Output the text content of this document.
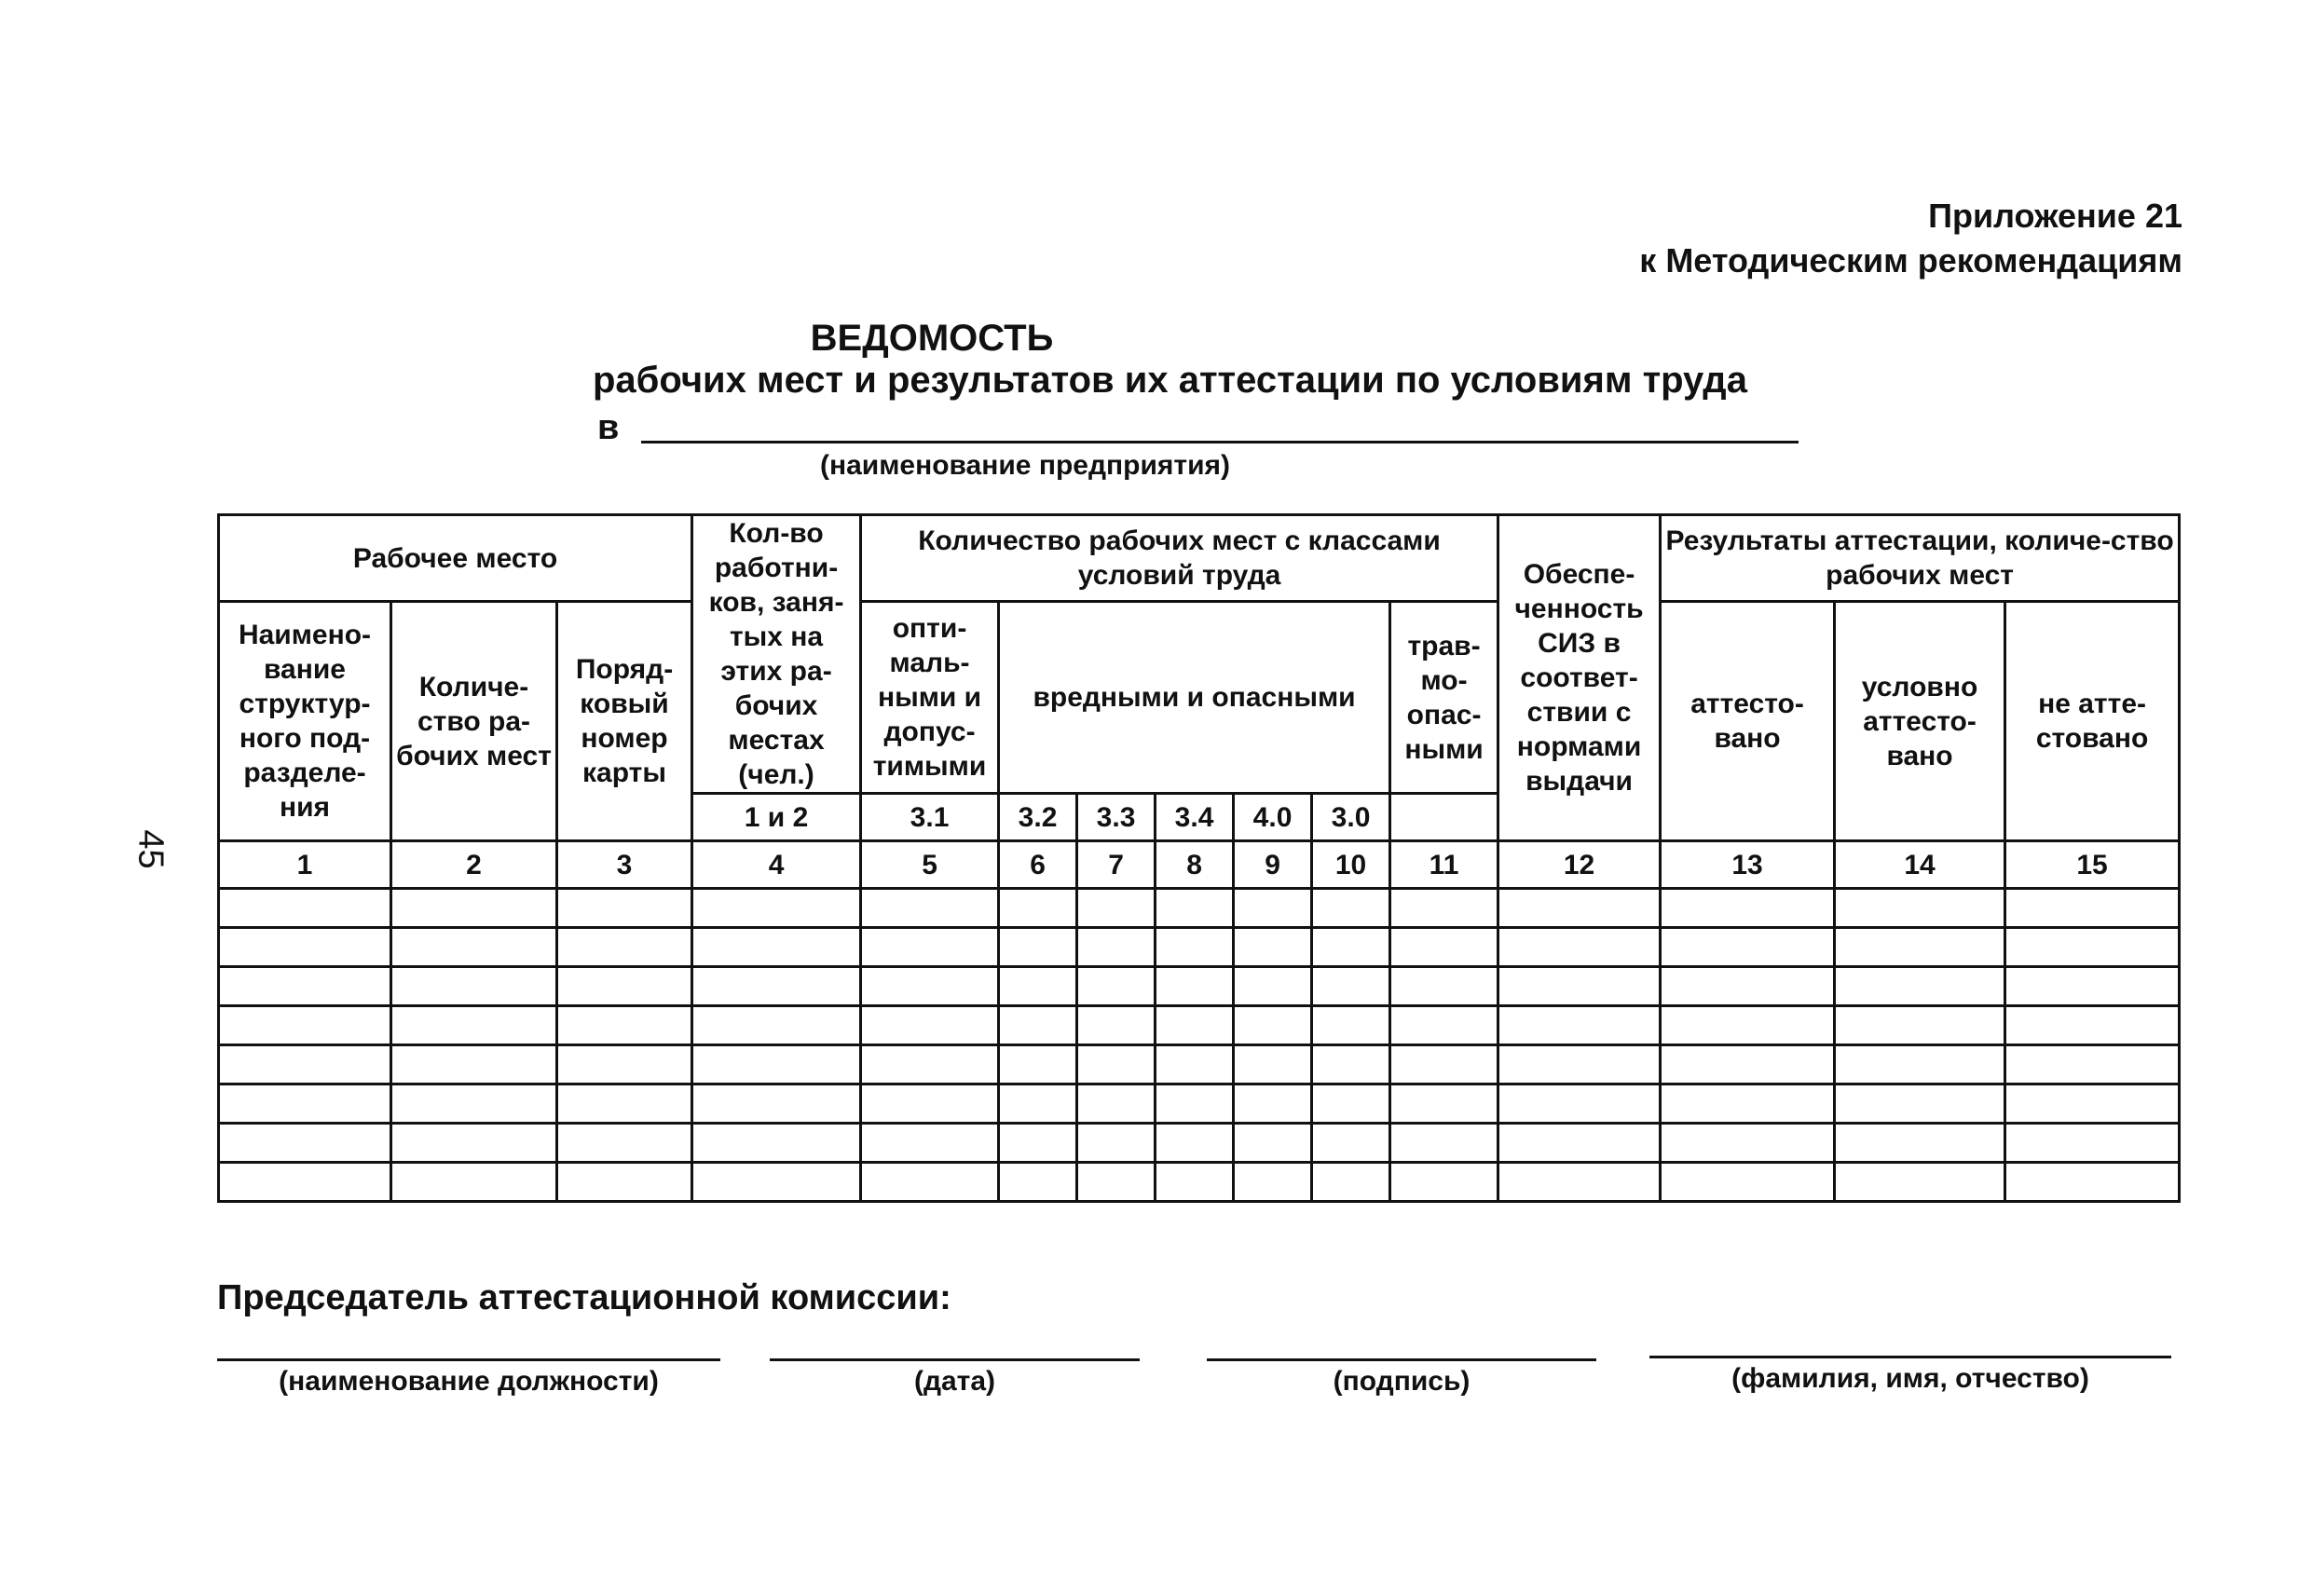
Приложение 21
к Методическим рекомендациям
ВЕДОМОСТЬ
рабочих мест и результатов их аттестации по условиям труда
в
(наименование предприятия)
45
Рабочее место			Кол-во работни-ков, заня-тых на этих ра-бочих местах (чел.)	Количество рабочих мест с классами условий труда							Обеспе-ченность СИЗ в соответ-ствии с нормами выдачи	Результаты аттестации, количе-ство рабочих мест		
Наимено-вание структур-ного под-разделе-ния	Количе-ство ра-бочих мест	Поряд-ковый номер карты		опти-маль-ными и допус-тимыми	вредными и опасными					трав-мо-опас-ными		аттесто-вано	условно аттесто-вано	не атте-стовано

			1 и 2	3.1	3.2	3.3	3.4	4.0	3.0					
1	2	3	4	5	6	7	8	9	10	11	12	13	14	15

Председатель аттестационной комиссии:
(наименование должности)	(дата)	(подпись)	(фамилия, имя, отчество)
